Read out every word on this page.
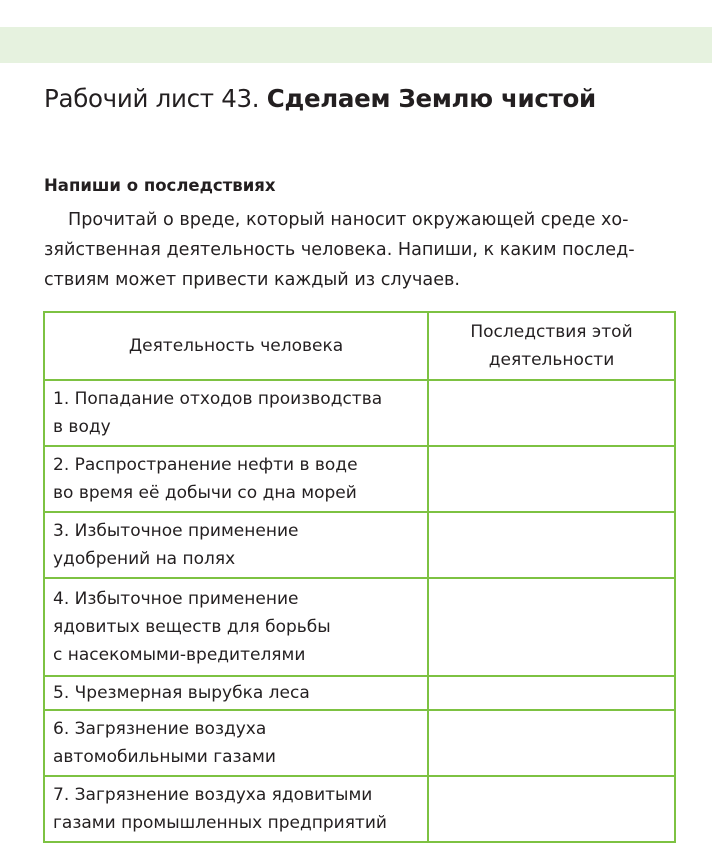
Рабочий лист 43. Сделаем Землю чистой
Напиши о последствиях
Прочитай о вреде, который наносит окружающей среде хо-
зяйственная деятельность человека. Напиши, к каким послед-
ствиям может привести каждый из случаев.
Деятельность человека	Последствия этой деятельности
1. Попадание отходов производства
в воду	
2. Распространение нефти в воде
во время её добычи со дна морей	
3. Избыточное применение
удобрений на полях	
4. Избыточное применение
ядовитых веществ для борьбы
с насекомыми-вредителями	
5. Чрезмерная вырубка леса	
6. Загрязнение воздуха
автомобильными газами	
7. Загрязнение воздуха ядовитыми
газами промышленных предприятий	
